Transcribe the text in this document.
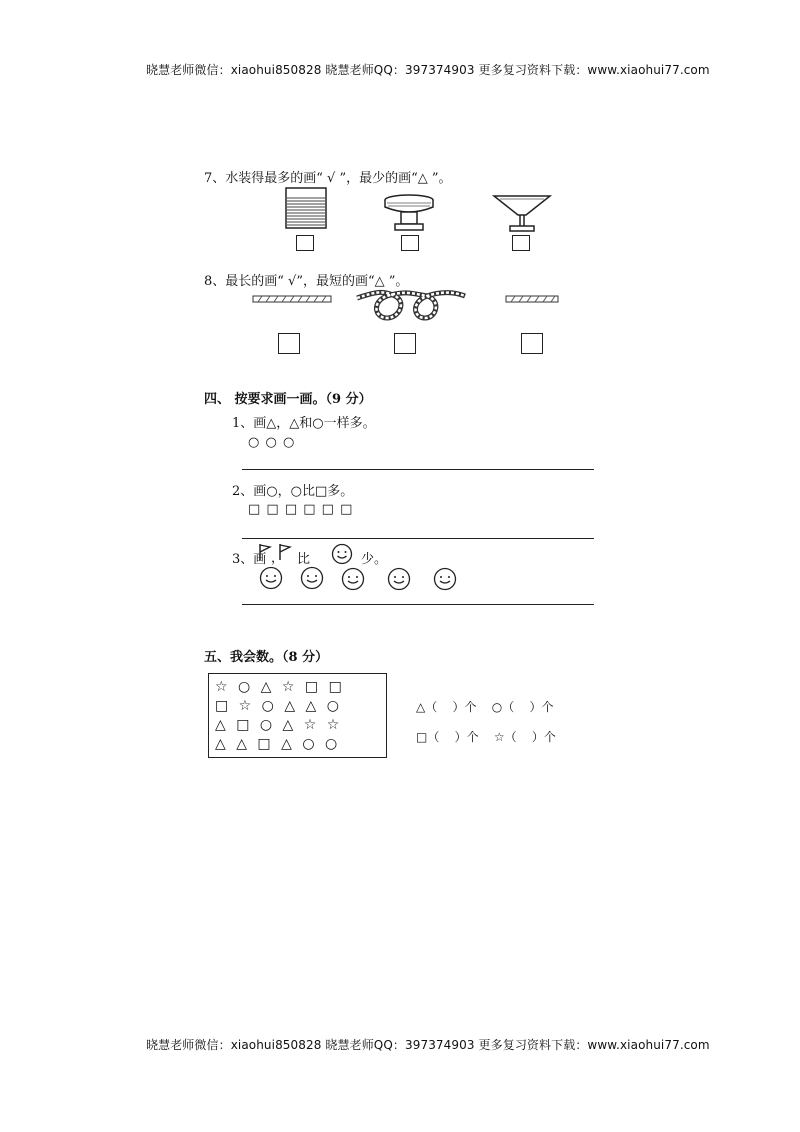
晓慧老师微信：xiaohui850828 晓慧老师QQ：397374903 更多复习资料下载：www.xiaohui77.com
晓慧老师微信：xiaohui850828 晓慧老师QQ：397374903 更多复习资料下载：www.xiaohui77.com
7、水装得最多的画“ √ ”，最少的画“△ ”。
8、最长的画“ √”，最短的画“△ ”。
四、 按要求画一画。（9 分）
1、画△，△和○一样多。
○ ○ ○
2、画○，○比□多。
□ □ □ □ □ □
3、画 ， 比	少。
五、我会数。（8 分）
☆ ○ △ ☆ □ □
□ ☆ ○ △ △ ○
△ □ ○ △ ☆ ☆
△ △ □ △ ○ ○
△（    ）个    ○（    ）个
□（    ）个    ☆（    ）个
